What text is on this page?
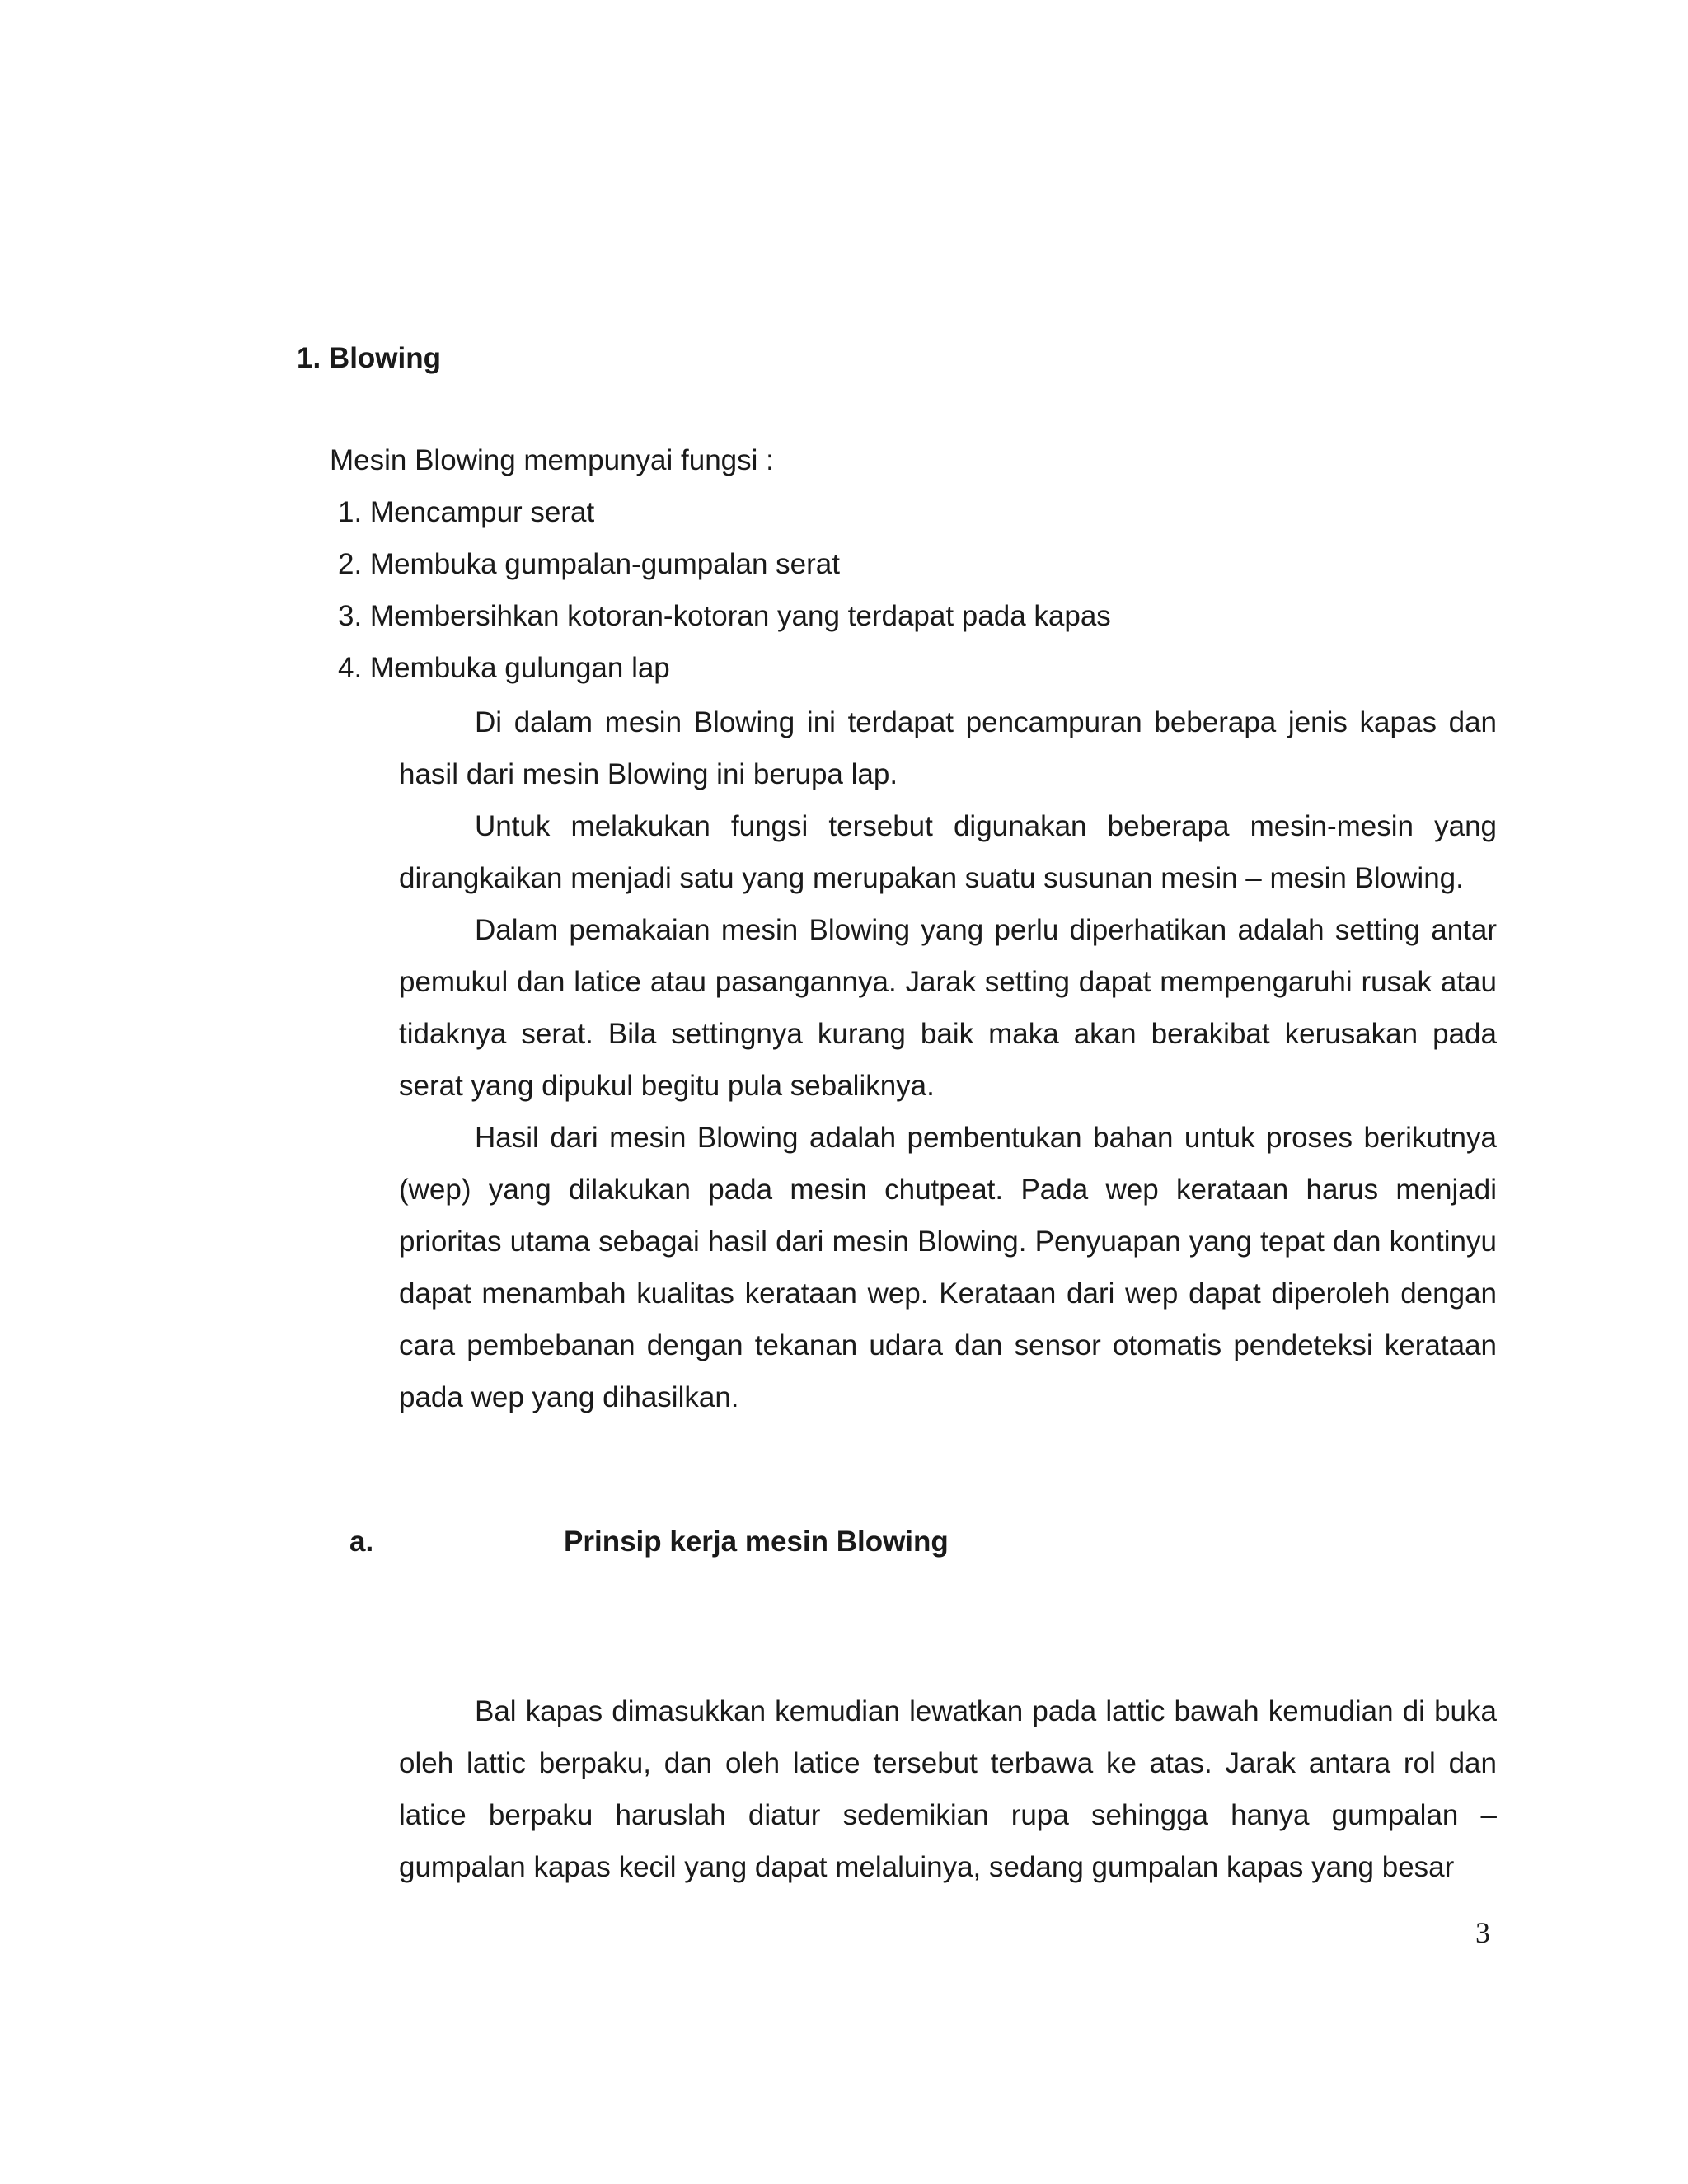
1. Blowing

Mesin Blowing mempunyai fungsi :

1. Mencampur serat
2. Membuka gumpalan-gumpalan serat
3. Membersihkan kotoran-kotoran yang terdapat pada kapas
4. Membuka gulungan lap

Di dalam mesin Blowing ini terdapat pencampuran beberapa jenis kapas dan hasil dari mesin Blowing ini berupa lap.

Untuk melakukan fungsi tersebut digunakan beberapa mesin-mesin yang dirangkaikan menjadi satu yang merupakan suatu susunan mesin – mesin Blowing.

Dalam pemakaian mesin Blowing yang perlu diperhatikan adalah setting antar pemukul dan latice atau pasangannya. Jarak setting dapat mempengaruhi rusak atau tidaknya serat. Bila settingnya kurang baik maka akan berakibat kerusakan pada serat yang dipukul begitu pula sebaliknya.

Hasil dari mesin Blowing adalah pembentukan bahan untuk proses berikutnya (wep) yang dilakukan pada mesin chutpeat. Pada wep kerataan harus menjadi prioritas utama sebagai hasil dari mesin Blowing. Penyuapan yang tepat dan kontinyu dapat menambah kualitas kerataan wep. Kerataan dari wep dapat diperoleh dengan cara pembebanan dengan tekanan udara dan sensor otomatis pendeteksi kerataan pada wep yang dihasilkan.

a.	Prinsip kerja mesin Blowing

Bal kapas dimasukkan kemudian lewatkan pada lattic bawah kemudian di buka oleh lattic berpaku, dan oleh latice tersebut terbawa ke atas. Jarak antara rol dan latice berpaku haruslah diatur sedemikian rupa sehingga hanya gumpalan – gumpalan kapas kecil yang dapat melaluinya, sedang gumpalan kapas yang besar

3
